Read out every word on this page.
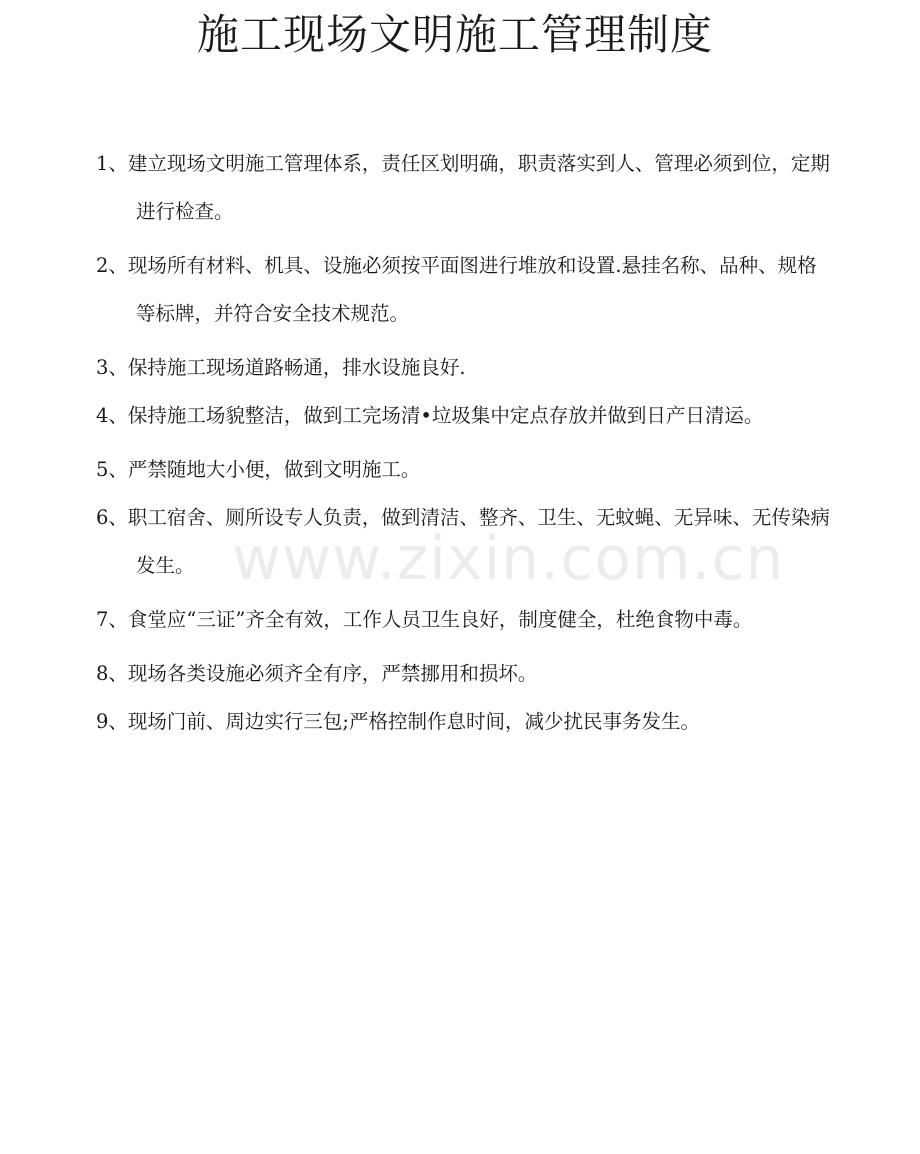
施工现场文明施工管理制度
1、建立现场文明施工管理体系，责任区划明确，职责落实到人、管理必须到位，定期进行检查。
2、现场所有材料、机具、设施必须按平面图进行堆放和设置.悬挂名称、品种、规格等标牌，并符合安全技术规范。
3、保持施工现场道路畅通，排水设施良好.
4、保持施工场貌整洁，做到工完场清•垃圾集中定点存放并做到日产日清运。
5、严禁随地大小便，做到文明施工。
6、职工宿舍、厕所设专人负责，做到清洁、整齐、卫生、无蚊蝇、无异味、无传染病发生。
7、食堂应“三证”齐全有效，工作人员卫生良好，制度健全，杜绝食物中毒。
8、现场各类设施必须齐全有序，严禁挪用和损坏。
9、现场门前、周边实行三包;严格控制作息时间，减少扰民事务发生。
www.zixin.com.cn
